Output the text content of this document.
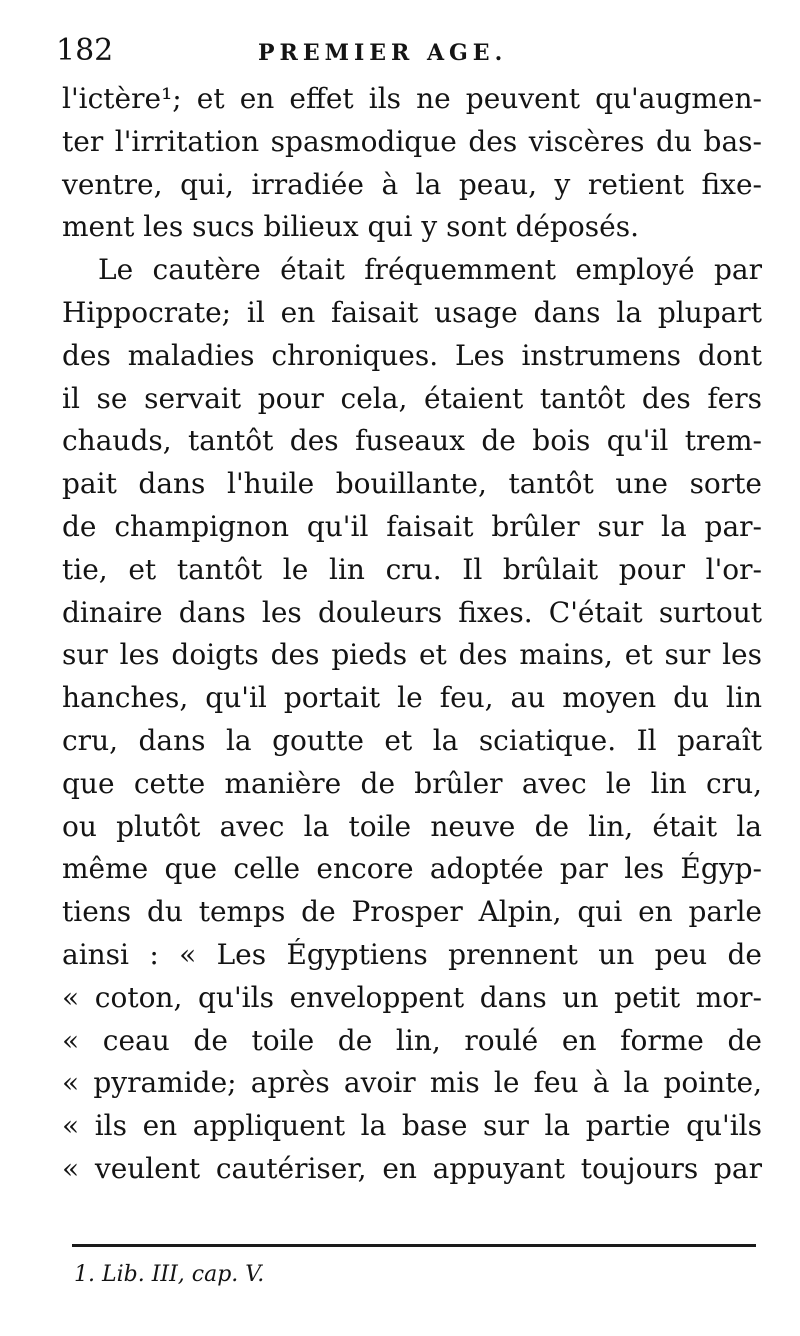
182	PREMIER AGE.
l'ictère¹; et en effet ils ne peuvent qu'augmen-
ter l'irritation spasmodique des viscères du bas-
ventre, qui, irradiée à la peau, y retient fixe-
ment les sucs bilieux qui y sont déposés.
Le cautère était fréquemment employé par
Hippocrate; il en faisait usage dans la plupart
des maladies chroniques. Les instrumens dont
il se servait pour cela, étaient tantôt des fers
chauds, tantôt des fuseaux de bois qu'il trem-
pait dans l'huile bouillante, tantôt une sorte
de champignon qu'il faisait brûler sur la par-
tie, et tantôt le lin cru. Il brûlait pour l'or-
dinaire dans les douleurs fixes. C'était surtout
sur les doigts des pieds et des mains, et sur les
hanches, qu'il portait le feu, au moyen du lin
cru, dans la goutte et la sciatique. Il paraît
que cette manière de brûler avec le lin cru,
ou plutôt avec la toile neuve de lin, était la
même que celle encore adoptée par les Égyp-
tiens du temps de Prosper Alpin, qui en parle
ainsi : « Les Égyptiens prennent un peu de
« coton, qu'ils enveloppent dans un petit mor-
« ceau de toile de lin, roulé en forme de
« pyramide; après avoir mis le feu à la pointe,
« ils en appliquent la base sur la partie qu'ils
« veulent cautériser, en appuyant toujours par
1. Lib. III, cap. V.
